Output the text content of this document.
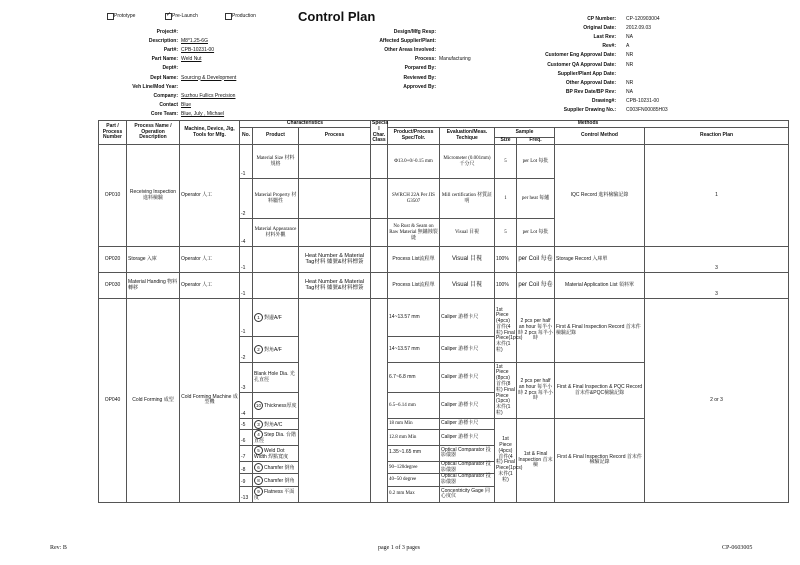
Prototype	✓ Pre-Launch	Production	Control Plan
Project#:
Description: M8*1.25-6G
Part#: CPB-10231-00
Part Name: Weld Nut
Dept#:
Dept Name: Sourcing & Development
Veh Line/Mod Year:
Company: Suzhou Fullics Precision
Contact Blue
Core Team: Blue, July , Michael
Design/Mfg Resp:
Affected Supplier/Plant:
Other Areas Involved:
Process: Manufacturing
Porpared By:
Reviewed By:
Approved By:
CP Number: CP-120903004
Original Date: 2012.09.03
Last Rev: NA
Rev#: A
Customer Eng Approval Date: NR
Customer QA Approval Date: NR
Supplier/Plant App Date:
Other Approval Date: NR
BP Rev Date/BP Rev: NA
Drawing#: CPB-10231-00
Supplier Drawing No.: C003FN00085H03
Part / Process Number	Process Name / Operation Description	Machine, Device, Jig, Tools for Mfg.	Characteristics			Specia l Char. Class	Methods					
			No.	Product	Process		Product/Process Spec/Tolr.	Evaluation/Meas. Techique	Sample		Control Method	Reaction Plan
									Size	Freq.		
OP010	Receiving Inspection 進料檢驗	Operator 人工	-1	Material Size 材料規格			Φ13.0+0/-0.15 mm	Micrometer (0.001mm)千分尺	5	per Lot 每批	IQC Record 進料檢驗記錄	1
			-2	Material Property 材料屬性			SWRCH 22A Per JIS G3507	Mill certification 材質証明	1	per heat 每爐		
			-4	Material Appearance 材料外觀			No Rust & Seam on Raw Material 無鏽蝕裂縫	Visual 目視	5	per Lot 每批		
OP020	Storage 入庫	Operator 人工	-1		Heat Number & Material Tag材料 爐號&材料標簽		Process List流程單	Visual 目視	100%	per Coil 每卷	Storage Record 入庫單	3
OP030	Material Handing 物料轉移	Operator 人工	-1		Heat Number & Material Tag材料 爐號&材料標簽		Process List流程單	Visual 目視	100%	per Coil 每卷	Material Application List 領料單	3
OP040	Cold Forming 成型	Cold Forming Machine 成型機	-1	1 對邊A/F			14~13.57 mm	Caliper 游標卡尺	1st Piece (4pcs) 首件(4粒) Final Piece(1pcs) 末件(1粒)	2 pcs per half an hour 每半小時 2 pcs 每半小時	First & Final Inspection Record 首末件檢驗記錄	2 or 3
			-2	2 對角A/F			14~13.57 mm	Caliper 游標卡尺				
			-3	Blank Hole Dia. 光孔直徑			6.7~6.8 mm	Caliper 游標卡尺	1st Piece (8pcs) 首件(8粒) Final Piece (1pcs) 末件(1粒)	2 pcs per half an hour 每半小時 2 pcs 每半小時	First & Final Inspection & PQC Record 首末件&PQC檢驗記錄	
			-4	10 Thickness厚度			6.5~6.14 mm	Caliper 游標卡尺				
			-5	3 對角A/C			18 mm Min	Caliper 游標卡尺	1st Piece (4pcs) 首件(4粒) Final Piece(1pcs) 末件(1粒)	1st & Final Inspection 首末檢	First & Final Inspection Record 首末件檢驗記錄	
			-6	4 Step Dia. 台階直徑			12.8 mm Min	Caliper 游標卡尺				
			-7	5 Weld Dot Width 焊點寬度			1.35~1.65 mm	Optical Comparator 投影儀器				
			-8	6 Chamfer 倒角			90~120degree	Optical Comparator 投影儀器				
			-9	8 Chamfer 倒角			40~50 degree	Optical Comparator 投影儀器				
			-13	9 Flatness 平面度			0.2 mm Max	Concentricity Gage 同心度仪				
Rev: B	page 1 of 3 pages	CP-0603005
